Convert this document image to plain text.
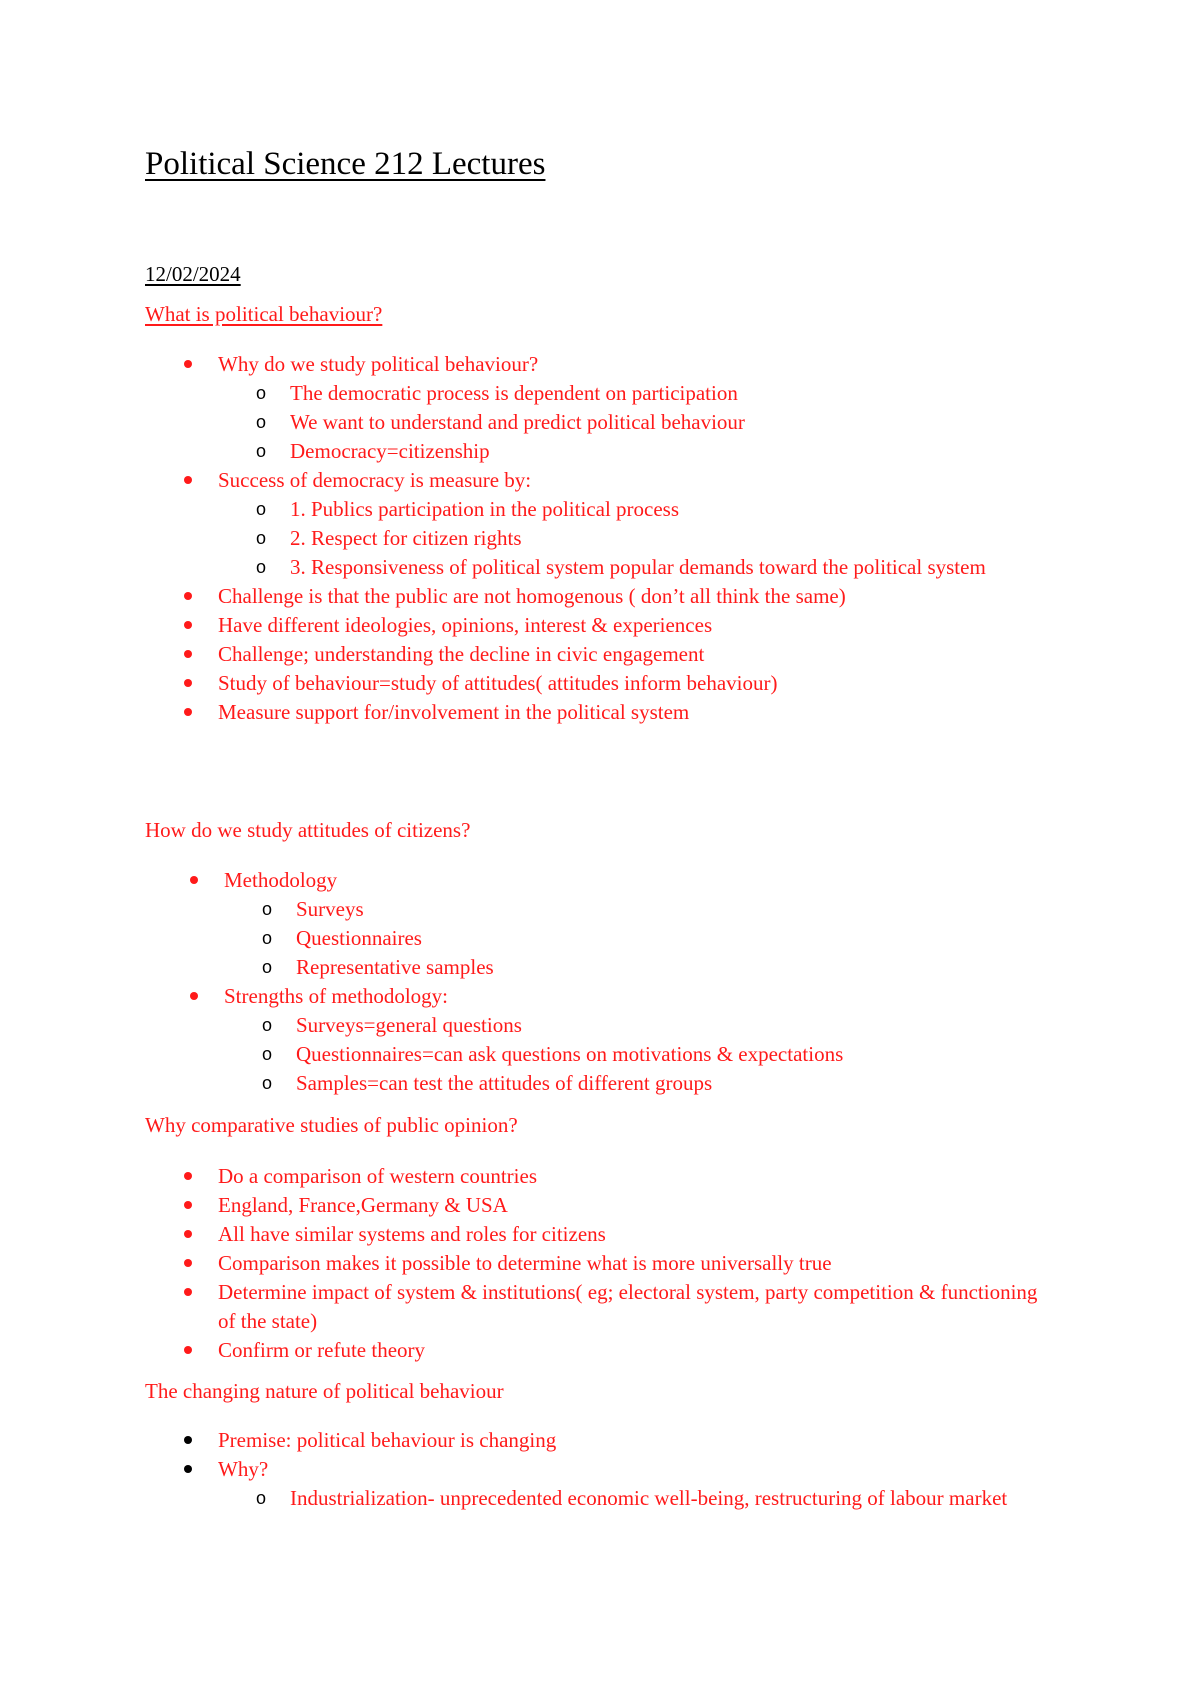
Political Science 212 Lectures
12/02/2024
What is political behaviour?
Why do we study political behaviour?
o The democratic process is dependent on participation
o We want to understand and predict political behaviour
o Democracy=citizenship
Success of democracy is measure by:
o 1. Publics participation in the political process
o 2. Respect for citizen rights
o 3. Responsiveness of political system popular demands toward the political system
Challenge is that the public are not homogenous ( don’t all think the same)
Have different ideologies, opinions, interest & experiences
Challenge; understanding the decline in civic engagement
Study of behaviour=study of attitudes( attitudes inform behaviour)
Measure support for/involvement in the political system
How do we study attitudes of citizens?
Methodology
o Surveys
o Questionnaires
o Representative samples
Strengths of methodology:
o Surveys=general questions
o Questionnaires=can ask questions on motivations & expectations
o Samples=can test the attitudes of different groups
Why comparative studies of public opinion?
Do a comparison of western countries
England, France,Germany & USA
All have similar systems and roles for citizens
Comparison makes it possible to determine what is more universally true
Determine impact of system & institutions( eg; electoral system, party competition & functioning of the state)
Confirm or refute theory
The changing nature of political behaviour
Premise: political behaviour is changing
Why?
o Industrialization- unprecedented economic well-being, restructuring of labour market
